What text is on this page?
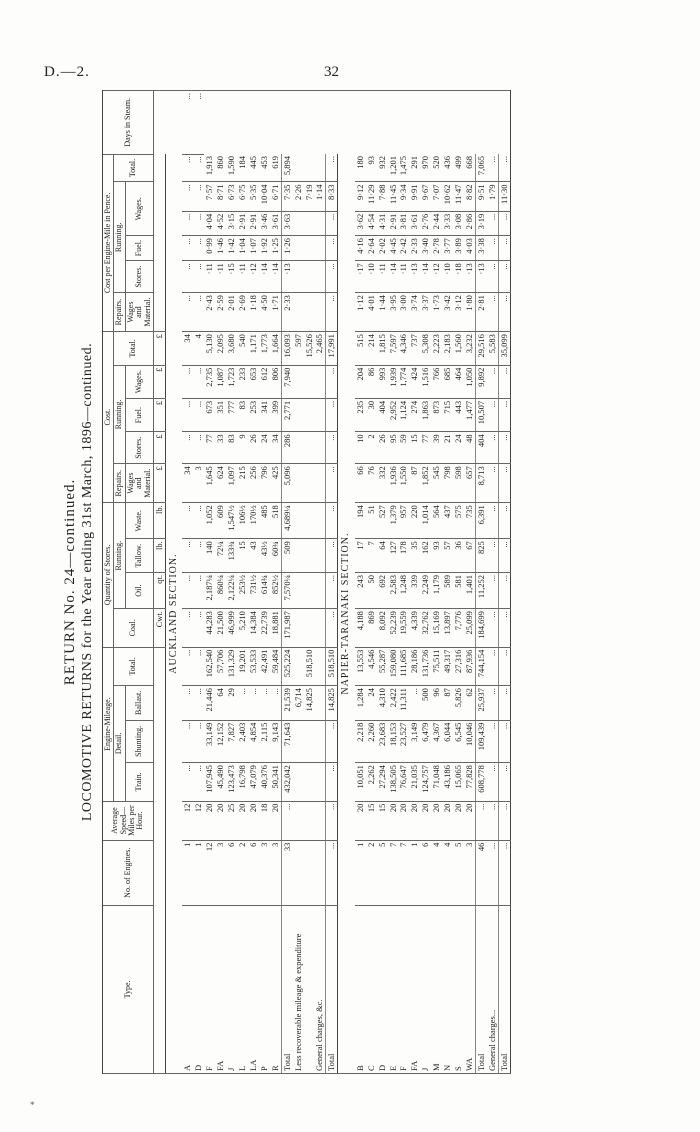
D.—2.	32
RETURN No. 24—continued. LOCOMOTIVE RETURNS for the Year ending 31st March, 1896—continued.
Type.	No. of Engines.	Average Speed—Miles per Hour.	Engine-Mileage.				Quantity of Stores.				Cost.					Cost per Engine-Mile in Pence.						Days in Steam.
			Detail.			Total.	Coal.	Running.			Repairs.	Running.			Total.	Repairs.	Running.				Total.	
			Train.	Shunting.	Ballast.			Oil.	Tallow.	Waste.	Wages and Material.	Stores.	Fuel.	Wages.		Wages and Material.	Stores.	Fuel.	Wages.			

							Cwt.	qt.	lb.	lb.	£	£	£	£	£							
AUCKLAND SECTION.																						
A	1	12	...	...	...	...	...	...	...	...	34	...	...	...	34	...	...	...	...	...	...	...
D	1	12	...	...	...	...	...	...	...	...	3	...	...	...	4	...	...	...	...	...	...	...
F	12	20	107,945	33,149	21,446	162,540	44,283	2,187¼	140	1,052	1,645	77	673	2,735	5,130	2·43	·11	0·99	4·04	7·57	1,913	
FA	3	20	45,490	12,152	64	57,706	21,500	860¼	72¼	609	624	33	351	1,087	2,095	2·59	·11	1·46	4·52	8·71	860	
J	6	25	123,473	7,827	29	131,329	46,999	2,122¼	133¾	1,547½	1,097	83	777	1,723	3,680	2·01	·15	1·42	3·15	6·73	1,590	
L	2	20	16,798	2,403	...	19,201	5,210	253½	15	106½	215	9	83	233	540	2·69	·11	1·04	2·91	6·75	184	
LA	6	20	47,079	4,854	...	53,533	14,384	731½	43	170½	256	26	253	653	1,171	1·18	·12	1·07	2·91	5·35	445	
P	3	18	40,376	2,115	...	42,491	22,739	614¾	43½	485	796	24	341	612	1,773	4·50	·14	1·92	3·46	10·04	453	
R	3	20	50,341	9,143	...	59,484	18,881	852½	60¾	518	425	34	399	806	1,664	1·71	·14	1·25	3·61	6·71	619	
Total	33	...	432,042	71,643	21,539	525,224	171,987	7,570¼	509	4,689¼	5,096	286	2,771	7,940	16,093	2·33	·13	1·26	3·63	7·35	5,894	
Less recoverable mileage & expenditure					6,714										597					2·26		
					14,825	518,510									15,526					7·19		
General charges, &c.															2,465					1·14		
Total	...	...	...	...	14,825	518,510	...	...	...	...	...	...	...	...	17,991	...	...	...	...	8·33	...	
NAPIER-TARANAKI SECTION.																						
B	1	20	10,051	2,218	1,284	13,553	4,188	243	17	194	66	10	235	204	515	1·12	·17	4·16	3·62	9·12	180	
C	2	15	2,262	2,260	24	4,546	869	50	7	51	76	2	30	86	214	4·01	·10	2·64	4·54	11·29	93	
D	5	15	27,294	23,683	4,310	55,287	8,092	692	64	527	332	26	404	993	1,815	1·44	·11	2·02	4·31	7·88	932	
E	7	20	138,505	18,153	2,422	159,080	52,239	2,583	127	1,379	1,936	95	2,952	1,939	7,597	3·95	·14	4·45	2·91	11·45	1,201	
F	7	20	76,647	23,527	11,311	111,685	19,559	1,248	178	957	1,550	59	1,124	1,774	4,346	3·00	·11	2·42	3·81	9·34	1,475	
FA	1	20	21,035	3,149	...	28,186	4,339	339	35	220	87	15	274	424	737	3·74	·13	2·33	3·61	9·91	291	
J	6	20	124,757	6,479	500	131,736	32,762	2,249	162	1,014	1,852	77	1,863	1,516	5,308	3·37	·14	3·40	2·76	9·67	970	
M	4	20	71,048	4,367	96	75,511	15,169	1,179	93	564	545	39	873	766	2,223	1·73	·12	2·78	2·44	7·07	520	
N	4	20	43,186	6,044	87	49,317	13,897	589	57	437	798	21	715	685	2,183	3·42	·10	3·77	3·33	10·62	436	
S	5	20	15,065	6,545	5,826	27,316	7,776	581	36	575	598	24	443	464	1,560	3·12	·18	3·89	3·08	11·47	499	
WA	3	20	77,828	10,046	62	87,936	25,099	1,401	67	735	657	48	1,477	1,050	3,232	1·80	·13	4·03	2·86	8·82	668	
Total	46	...	608,778	109,439	25,937	744,154	184,699	11,252	825	6,391	8,713	404	10,507	9,892	29,516	2·81	·13	3·38	3·19	9·51	7,065	
General charges...	...	...	...	...	...	...	...	...	...	...	...	...	...	...	5,583	...	...	...	...	1·79	...	
Total	...	...	...	...	...	...	...	...	...	...	...	...	...	...	35,099	...	...	...	...	11·30	...	
*
